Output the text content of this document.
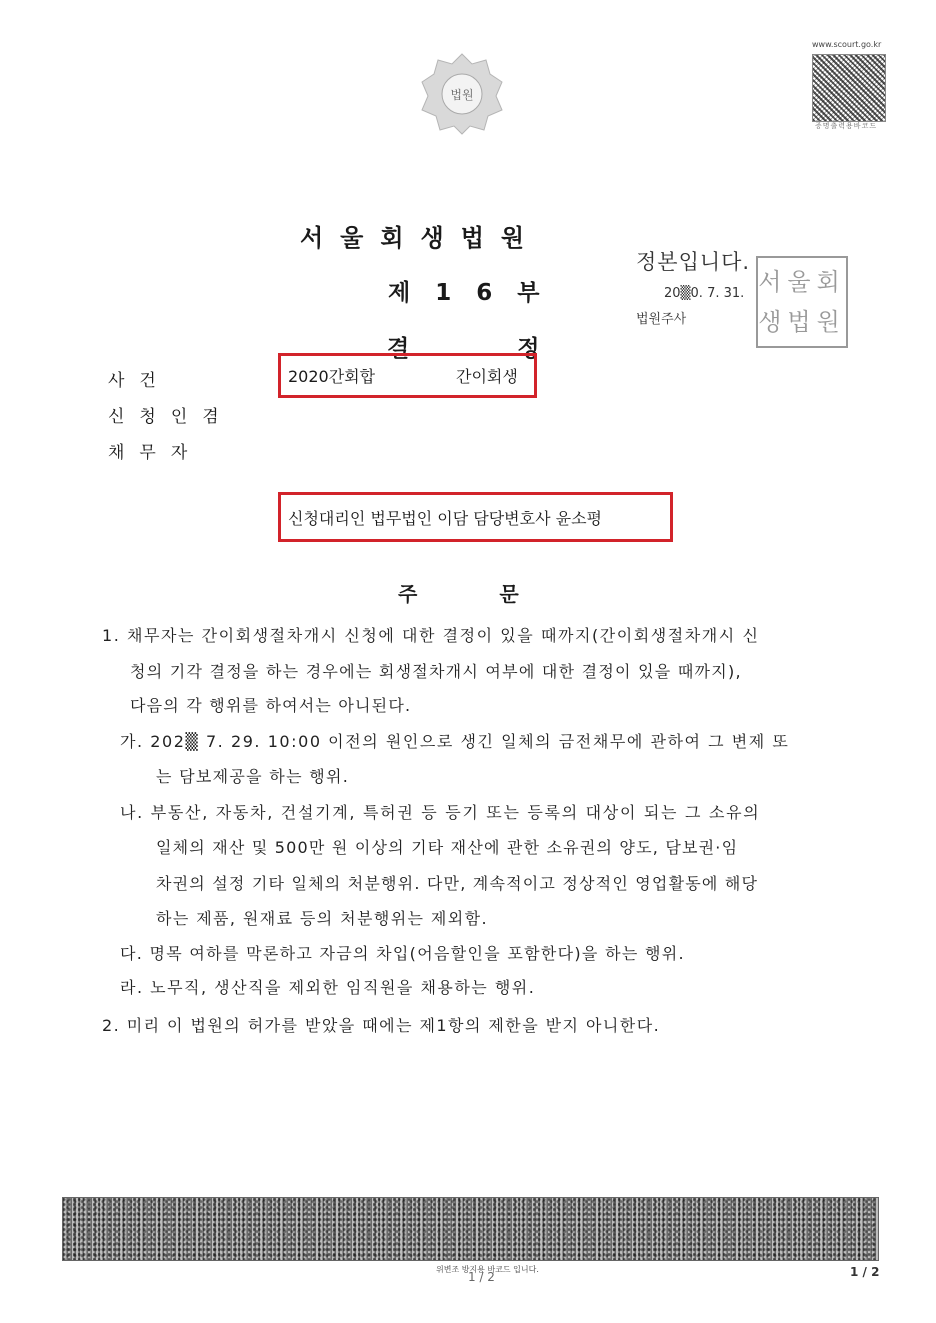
법원
www.scourt.go.kr
증명출력용바코드
서울회생법원
제16부
결정
정본입니다.
20▒0. 7. 31.
법원주사
서울회생법원
사건
신청인겸
채무자
2020간회합	간이회생
신청대리인 법무법인 이담 담당변호사 윤소평
주문
1. 채무자는 간이회생절차개시 신청에 대한 결정이 있을 때까지(간이회생절차개시 신
청의 기각 결정을 하는 경우에는 회생절차개시 여부에 대한 결정이 있을 때까지),
다음의 각 행위를 하여서는 아니된다.
가. 202▒ 7. 29. 10:00 이전의 원인으로 생긴 일체의 금전채무에 관하여 그 변제 또
는 담보제공을 하는 행위.
나. 부동산, 자동차, 건설기계, 특허권 등 등기 또는 등록의 대상이 되는 그 소유의
일체의 재산 및 500만 원 이상의 기타 재산에 관한 소유권의 양도, 담보권·임
차권의 설정 기타 일체의 처분행위. 다만, 계속적이고 정상적인 영업활동에 해당
하는 제품, 원재료 등의 처분행위는 제외함.
다. 명목 여하를 막론하고 자금의 차입(어음할인을 포함한다)을 하는 행위.
라. 노무직, 생산직을 제외한 임직원을 채용하는 행위.
2. 미리 이 법원의 허가를 받았을 때에는 제1항의 제한을 받지 아니한다.
위변조 방지용 바코드 입니다.
1 / 2	1 / 2
